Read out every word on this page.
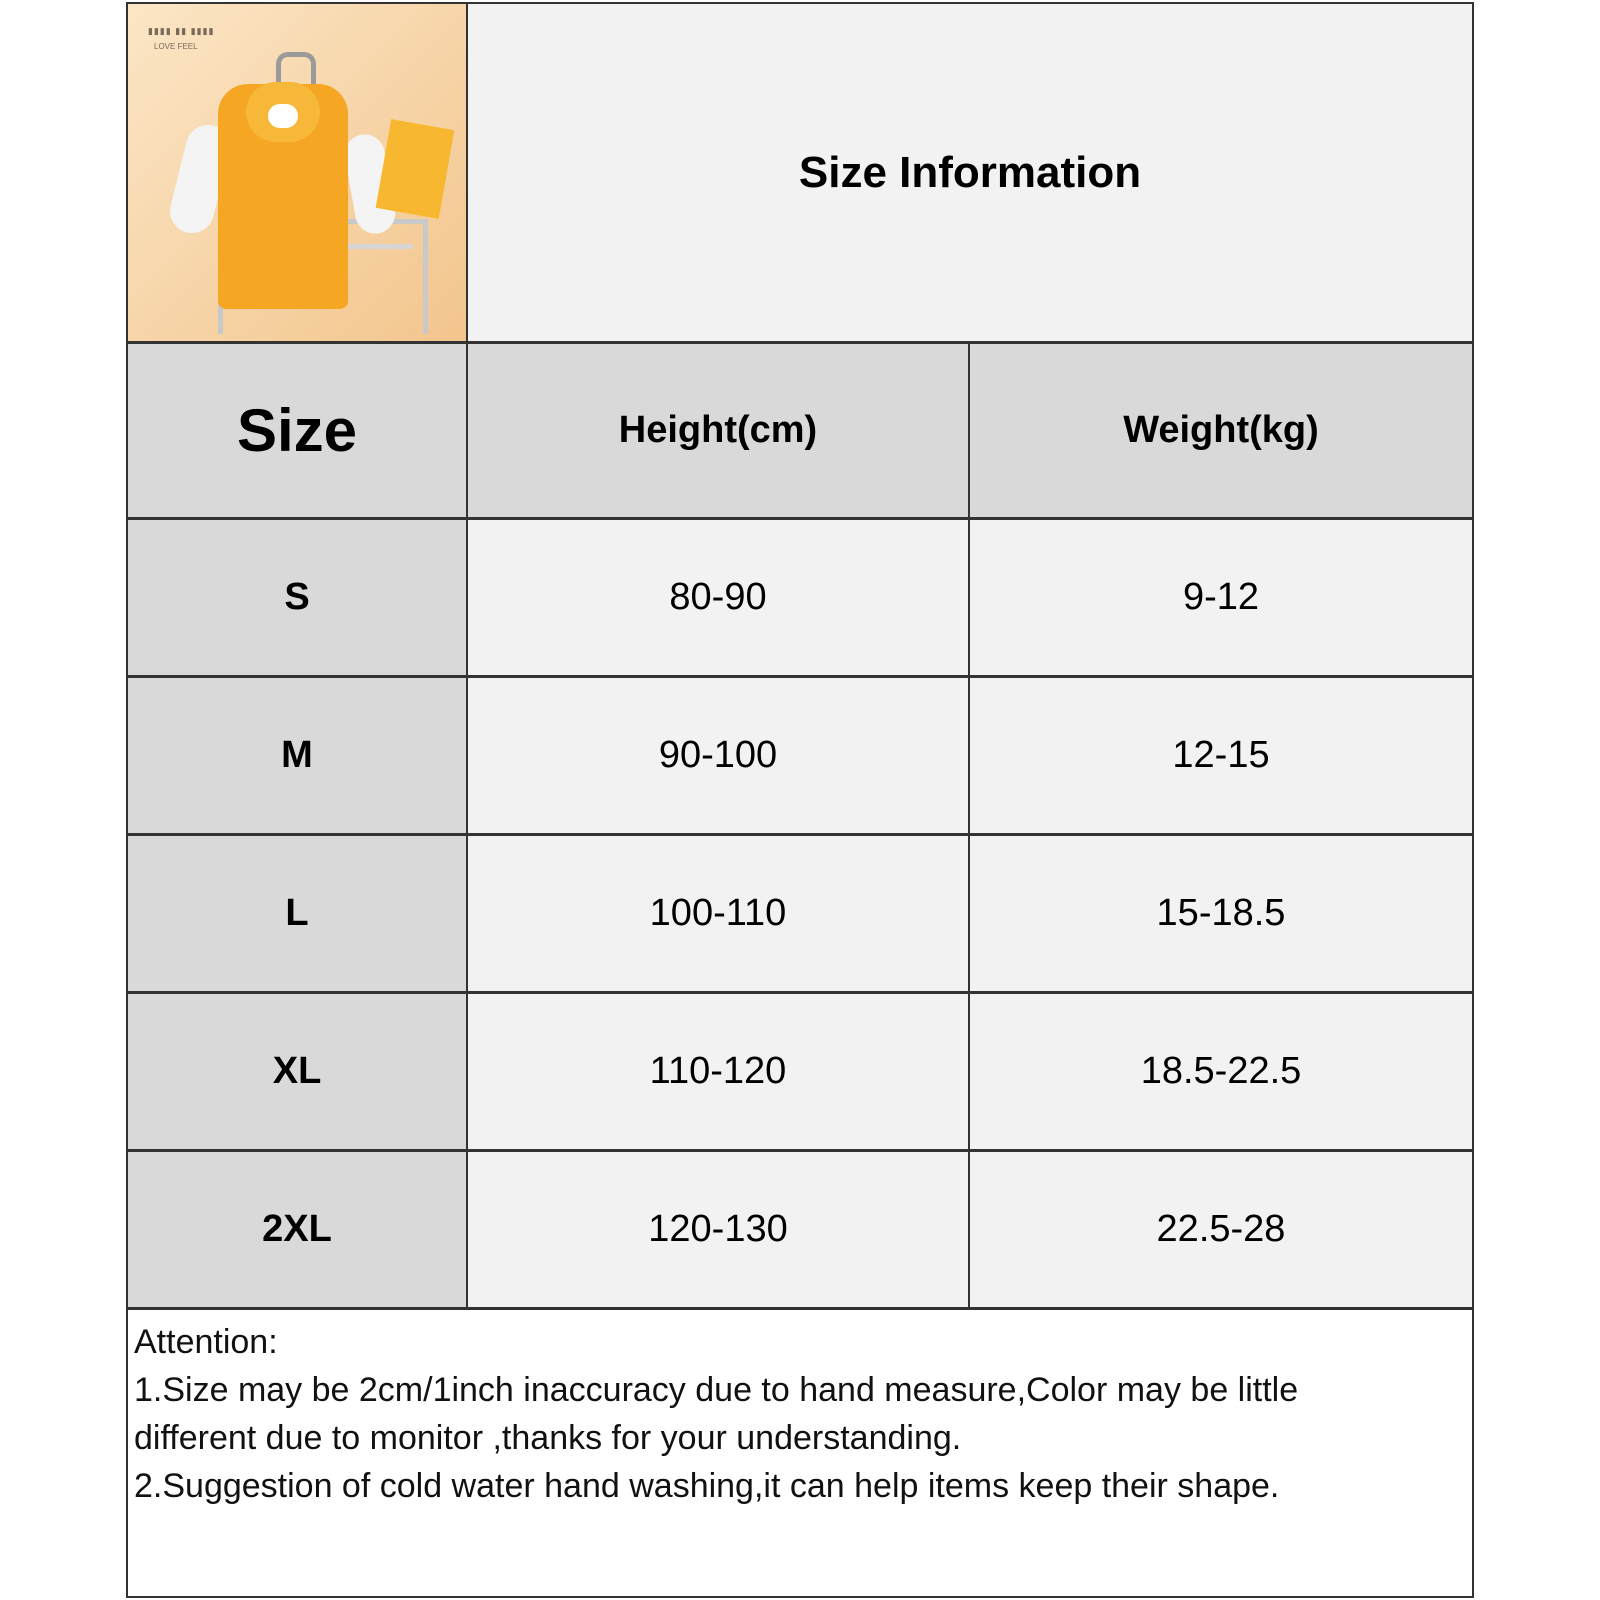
▮▮▮▮ ▮▮ ▮▮▮▮
LOVE FEEL
Size Information
Size	Height(cm)	Weight(kg)
S	80-90	9-12
M	90-100	12-15
L	100-110	15-18.5
XL	110-120	18.5-22.5
2XL	120-130	22.5-28
Attention:
1.Size may be 2cm/1inch inaccuracy due to hand measure,Color may be little
different due to monitor ,thanks for your understanding.
2.Suggestion of cold water hand washing,it can help items keep their shape.
